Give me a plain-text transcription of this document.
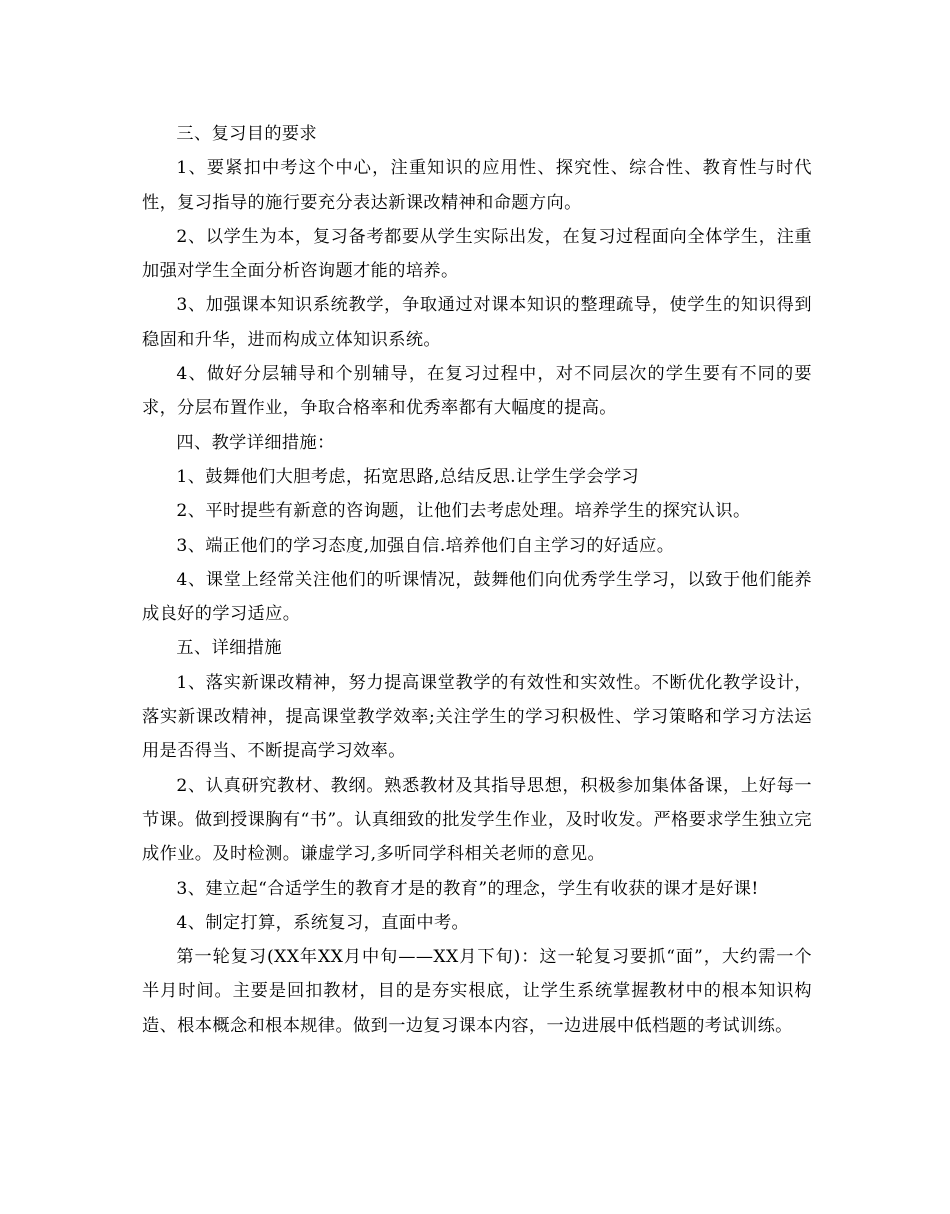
三、复习目的要求

1、要紧扣中考这个中心，注重知识的应用性、探究性、综合性、教育性与时代性，复习指导的施行要充分表达新课改精神和命题方向。

2、以学生为本，复习备考都要从学生实际出发，在复习过程面向全体学生，注重加强对学生全面分析咨询题才能的培养。

3、加强课本知识系统教学，争取通过对课本知识的整理疏导，使学生的知识得到稳固和升华，进而构成立体知识系统。

4、做好分层辅导和个别辅导，在复习过程中，对不同层次的学生要有不同的要求，分层布置作业，争取合格率和优秀率都有大幅度的提高。

四、教学详细措施：

1、鼓舞他们大胆考虑，拓宽思路,总结反思.让学生学会学习

2、平时提些有新意的咨询题，让他们去考虑处理。培养学生的探究认识。

3、端正他们的学习态度,加强自信.培养他们自主学习的好适应。

4、课堂上经常关注他们的听课情况，鼓舞他们向优秀学生学习，以致于他们能养成良好的学习适应。

五、详细措施

1、落实新课改精神，努力提高课堂教学的有效性和实效性。不断优化教学设计，落实新课改精神，提高课堂教学效率;关注学生的学习积极性、学习策略和学习方法运用是否得当、不断提高学习效率。

2、认真研究教材、教纲。熟悉教材及其指导思想，积极参加集体备课，上好每一节课。做到授课胸有“书”。认真细致的批发学生作业，及时收发。严格要求学生独立完成作业。及时检测。谦虚学习,多听同学科相关老师的意见。

3、建立起“合适学生的教育才是的教育”的理念，学生有收获的课才是好课!

4、制定打算，系统复习，直面中考。

第一轮复习(XX年XX月中旬——XX月下旬)：这一轮复习要抓“面”，大约需一个半月时间。主要是回扣教材，目的是夯实根底，让学生系统掌握教材中的根本知识构造、根本概念和根本规律。做到一边复习课本内容，一边进展中低档题的考试训练。
